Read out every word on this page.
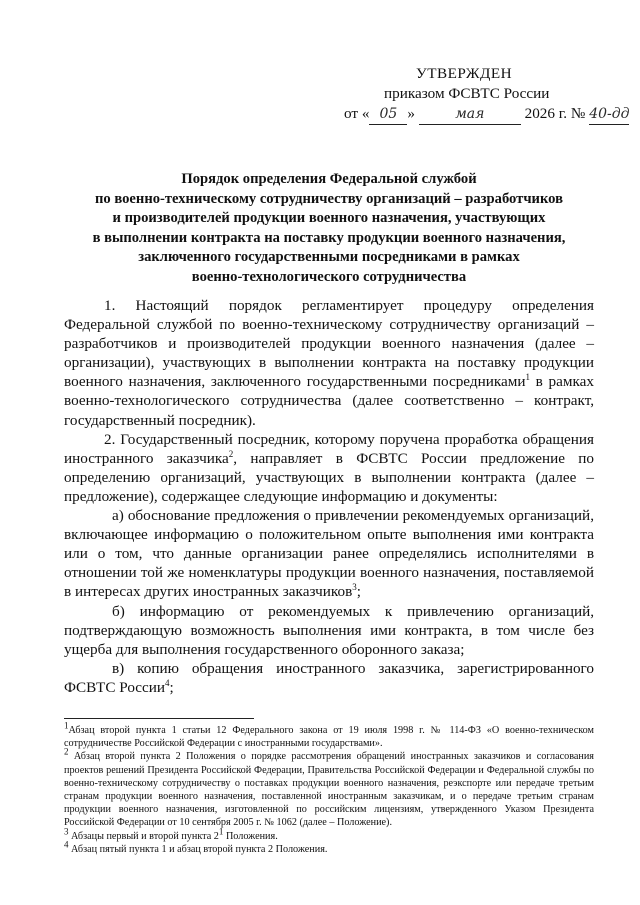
УТВЕРЖДЕН
приказом ФСВТС России
от « 05 »	мая	2026 г. № 40-дд
Порядок определения Федеральной службой
по военно-техническому сотрудничеству организаций – разработчиков
и производителей продукции военного назначения, участвующих
в выполнении контракта на поставку продукции военного назначения,
заключенного государственными посредниками в рамках
военно-технологического сотрудничества

1. Настоящий порядок регламентирует процедуру определения Федеральной службой по военно-техническому сотрудничеству организаций – разработчиков и производителей продукции военного назначения (далее – организации), участвующих в выполнении контракта на поставку продукции военного назначения, заключенного государственными посредниками$^1$ в рамках военно-технологического сотрудничества (далее соответственно – контракт, государственный посредник).

2. Государственный посредник, которому поручена проработка обращения иностранного заказчика$^2$, направляет в ФСВТС России предложение по определению организаций, участвующих в выполнении контракта (далее – предложение), содержащее следующие информацию и документы:

а) обоснование предложения о привлечении рекомендуемых организаций, включающее информацию о положительном опыте выполнения ими контракта или о том, что данные организации ранее определялись исполнителями в отношении той же номенклатуры продукции военного назначения, поставляемой в интересах других иностранных заказчиков$^3$;

б) информацию от рекомендуемых к привлечению организаций, подтверждающую возможность выполнения ими контракта, в том числе без ущерба для выполнения государственного оборонного заказа;

в) копию обращения иностранного заказчика, зарегистрированного ФСВТС России$^4$;

$^1$Абзац второй пункта 1 статьи 12 Федерального закона от 19 июля 1998 г. № 114-ФЗ «О военно-техническом сотрудничестве Российской Федерации с иностранными государствами».

$^2$ Абзац второй пункта 2 Положения о порядке рассмотрения обращений иностранных заказчиков и согласования проектов решений Президента Российской Федерации, Правительства Российской Федерации и Федеральной службы по военно-техническому сотрудничеству о поставках продукции военного назначения, реэкспорте или передаче третьим странам продукции военного назначения, поставленной иностранным заказчикам, и о передаче третьим странам продукции военного назначения, изготовленной по российским лицензиям, утвержденного Указом Президента Российской Федерации от 10 сентября 2005 г. № 1062 (далее – Положение).

$^3$ Абзацы первый и второй пункта $2^1$ Положения.

$^4$ Абзац пятый пункта 1 и абзац второй пункта 2 Положения.
